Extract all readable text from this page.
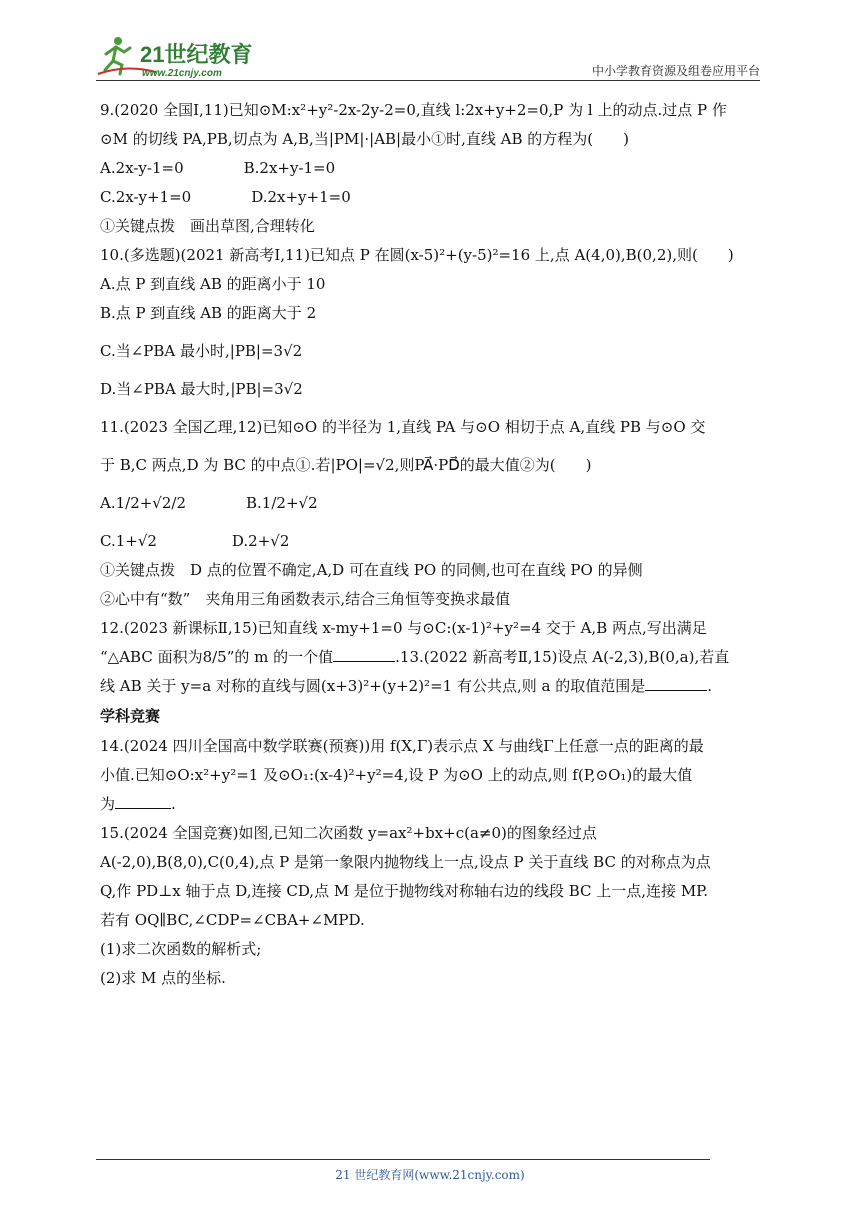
21世纪教育
www.21cnjy.com	中小学教育资源及组卷应用平台
9.(2020 全国Ⅰ,11)已知⊙M:x²+y²-2x-2y-2=0,直线 l:2x+y+2=0,P 为 l 上的动点.过点 P 作
⊙M 的切线 PA,PB,切点为 A,B,当|PM|·|AB|最小①时,直线 AB 的方程为(　　)
A.2x-y-1=0　　　　B.2x+y-1=0
C.2x-y+1=0　　　　D.2x+y+1=0
①关键点拨　画出草图,合理转化
10.(多选题)(2021 新高考Ⅰ,11)已知点 P 在圆(x-5)²+(y-5)²=16 上,点 A(4,0),B(0,2),则(　　)
A.点 P 到直线 AB 的距离小于 10
B.点 P 到直线 AB 的距离大于 2
C.当∠PBA 最小时,|PB|=3√2
D.当∠PBA 最大时,|PB|=3√2
11.(2023 全国乙理,12)已知⊙O 的半径为 1,直线 PA 与⊙O 相切于点 A,直线 PB 与⊙O 交
于 B,C 两点,D 为 BC 的中点①.若|PO|=√2,则PA⃗·PD⃗的最大值②为(　　)
A.1/2+√2/2　　　　B.1/2+√2
C.1+√2　　　　　D.2+√2
①关键点拨　D 点的位置不确定,A,D 可在直线 PO 的同侧,也可在直线 PO 的异侧
②心中有“数”　夹角用三角函数表示,结合三角恒等变换求最值
12.(2023 新课标Ⅱ,15)已知直线 x-my+1=0 与⊙C:(x-1)²+y²=4 交于 A,B 两点,写出满足
“△ABC 面积为8/5”的 m 的一个值	.13.(2022 新高考Ⅱ,15)设点 A(-2,3),B(0,a),若直
线 AB 关于 y=a 对称的直线与圆(x+3)²+(y+2)²=1 有公共点,则 a 的取值范围是	.
学科竞赛
14.(2024 四川全国高中数学联赛(预赛))用 f(X,Γ)表示点 X 与曲线Γ上任意一点的距离的最
小值.已知⊙O:x²+y²=1 及⊙O₁:(x-4)²+y²=4,设 P 为⊙O 上的动点,则 f(P,⊙O₁)的最大值
为	.
15.(2024 全国竞赛)如图,已知二次函数 y=ax²+bx+c(a≠0)的图象经过点
A(-2,0),B(8,0),C(0,4),点 P 是第一象限内抛物线上一点,设点 P 关于直线 BC 的对称点为点
Q,作 PD⊥x 轴于点 D,连接 CD,点 M 是位于抛物线对称轴右边的线段 BC 上一点,连接 MP.
若有 OQ∥BC,∠CDP=∠CBA+∠MPD.
(1)求二次函数的解析式;
(2)求 M 点的坐标.
21 世纪教育网(www.21cnjy.com)
